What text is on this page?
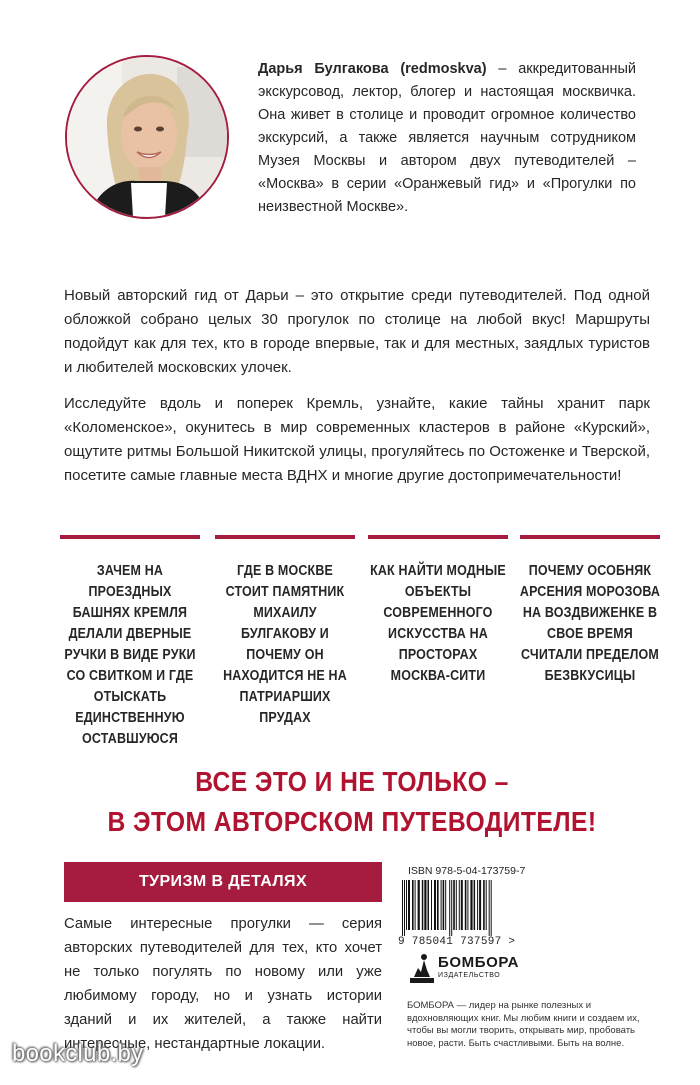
Дарья Булгакова (redmoskva) – аккредитованный экскурсовод, лектор, блогер и настоящая москвичка. Она живет в столице и проводит огромное количество экскурсий, а также является научным сотрудником Музея Москвы и автором двух путеводителей – «Москва» в серии «Оранжевый гид» и «Прогулки по неизвестной Москве».

Новый авторский гид от Дарьи – это открытие среди путеводителей. Под одной обложкой собрано целых 30 прогулок по столице на любой вкус! Маршруты подойдут как для тех, кто в городе впервые, так и для местных, заядлых туристов и любителей московских улочек.

Исследуйте вдоль и поперек Кремль, узнайте, какие тайны хранит парк «Коломенское», окунитесь в мир современных кластеров в районе «Курский», ощутите ритмы Большой Никитской улицы, прогуляйтесь по Остоженке и Тверской, посетите самые главные места ВДНХ и многие другие достопримечательности!

ЗАЧЕМ НА ПРОЕЗДНЫХ БАШНЯХ КРЕМЛЯ ДЕЛАЛИ ДВЕРНЫЕ РУЧКИ В ВИДЕ РУКИ СО СВИТКОМ И ГДЕ ОТЫСКАТЬ ЕДИНСТВЕННУЮ ОСТАВШУЮСЯ
ГДЕ В МОСКВЕ СТОИТ ПАМЯТНИК МИХАИЛУ БУЛГАКОВУ И ПОЧЕМУ ОН НАХОДИТСЯ НЕ НА ПАТРИАРШИХ ПРУДАХ
КАК НАЙТИ МОДНЫЕ ОБЪЕКТЫ СОВРЕМЕННОГО ИСКУССТВА НА ПРОСТОРАХ МОСКВА-СИТИ
ПОЧЕМУ ОСОБНЯК АРСЕНИЯ МОРОЗОВА НА ВОЗДВИЖЕНКЕ В СВОЕ ВРЕМЯ СЧИТАЛИ ПРЕДЕЛОМ БЕЗВКУСИЦЫ
ВСЕ ЭТО И НЕ ТОЛЬКО –
В ЭТОМ АВТОРСКОМ ПУТЕВОДИТЕЛЕ!
ТУРИЗМ В ДЕТАЛЯХ

Самые интересные прогулки — серия авторских путеводителей для тех, кто хочет не только погулять по новому или уже любимому городу, но и узнать истории зданий и их жителей, а также найти интересные, нестандартные локации.

ISBN 978-5-04-173759-7
9 785041 737597 >
БОМБОРА
ИЗДАТЕЛЬСТВО

БОМБОРА — лидер на рынке полезных и вдохновляющих книг. Мы любим книги и создаем их, чтобы вы могли творить, открывать мир, пробовать новое, расти. Быть счастливыми. Быть на волне.

bookclub.by
